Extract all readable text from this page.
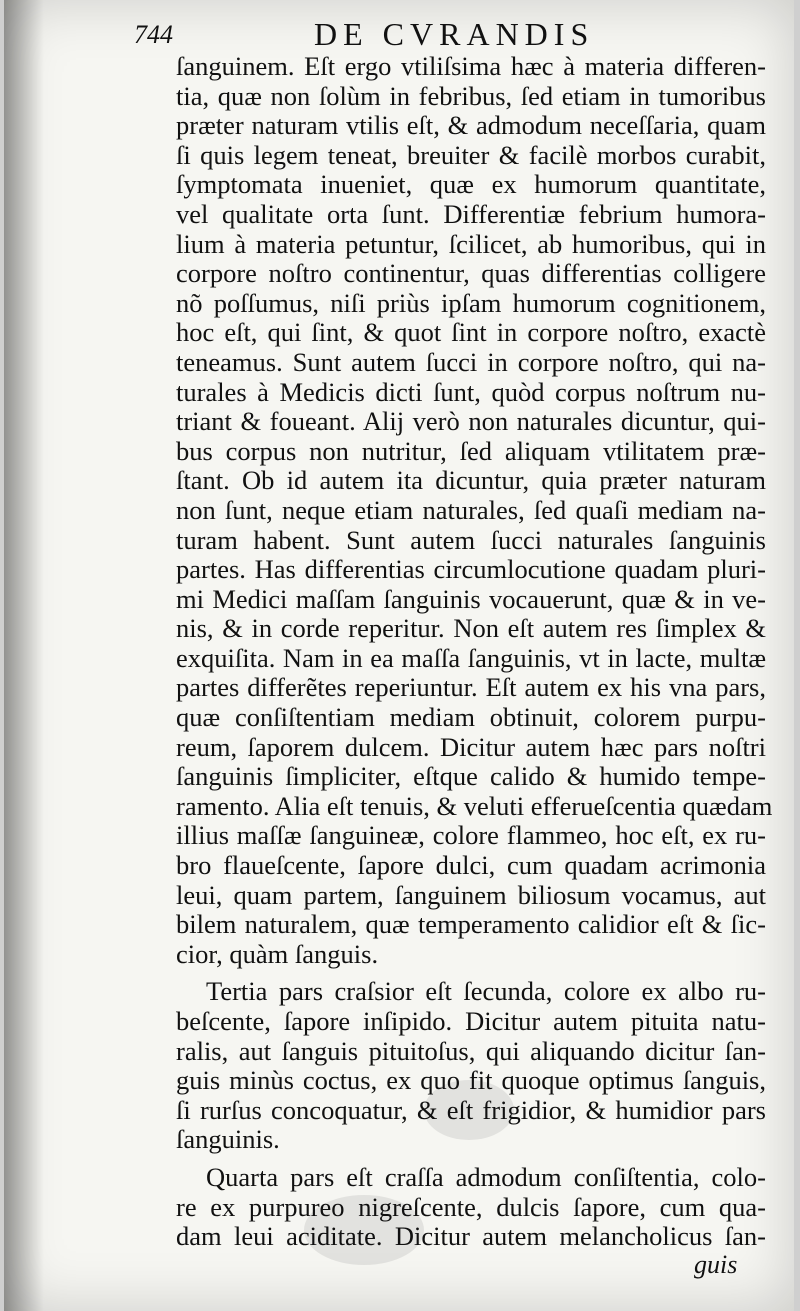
744	DE CVRANDIS
ſanguinem. Eſt ergo vtiliſsima hæc à materia differen-
tia, quæ non ſolùm in febribus, ſed etiam in tumoribus
præter naturam vtilis eſt, & admodum neceſſaria, quam
ſi quis legem teneat, breuiter & facilè morbos curabit,
ſymptomata inueniet, quæ ex humorum quantitate,
vel qualitate orta ſunt. Differentiæ febrium humora-
lium à materia petuntur, ſcilicet, ab humoribus, qui in
corpore noſtro continentur, quas differentias colligere
nõ poſſumus, niſi priùs ipſam humorum cognitionem,
hoc eſt, qui ſint, & quot ſint in corpore noſtro, exactè
teneamus. Sunt autem ſucci in corpore noſtro, qui na-
turales à Medicis dicti ſunt, quòd corpus noſtrum nu-
triant & foueant. Alij verò non naturales dicuntur, qui-
bus corpus non nutritur, ſed aliquam vtilitatem præ-
ſtant. Ob id autem ita dicuntur, quia præter naturam
non ſunt, neque etiam naturales, ſed quaſi mediam na-
turam habent. Sunt autem ſucci naturales ſanguinis
partes. Has differentias circumlocutione quadam pluri-
mi Medici maſſam ſanguinis vocauerunt, quæ & in ve-
nis, & in corde reperitur. Non eſt autem res ſimplex &
exquiſita. Nam in ea maſſa ſanguinis, vt in lacte, multæ
partes differẽtes reperiuntur. Eſt autem ex his vna pars,
quæ conſiſtentiam mediam obtinuit, colorem purpu-
reum, ſaporem dulcem. Dicitur autem hæc pars noſtri
ſanguinis ſimpliciter, eſtque calido & humido tempe-
ramento. Alia eſt tenuis, & veluti efferueſcentia quædam
illius maſſæ ſanguineæ, colore flammeo, hoc eſt, ex ru-
bro flaueſcente, ſapore dulci, cum quadam acrimonia
leui, quam partem, ſanguinem biliosum vocamus, aut
bilem naturalem, quæ temperamento calidior eſt & ſic-
cior, quàm ſanguis.
Tertia pars craſsior eſt ſecunda, colore ex albo ru-
beſcente, ſapore inſipido. Dicitur autem pituita natu-
ralis, aut ſanguis pituitoſus, qui aliquando dicitur ſan-
guis minùs coctus, ex quo fit quoque optimus ſanguis,
ſi rurſus concoquatur, & eſt frigidior, & humidior pars
ſanguinis.
Quarta pars eſt craſſa admodum conſiſtentia, colo-
re ex purpureo nigreſcente, dulcis ſapore, cum qua-
dam leui aciditate. Dicitur autem melancholicus ſan-
guis
